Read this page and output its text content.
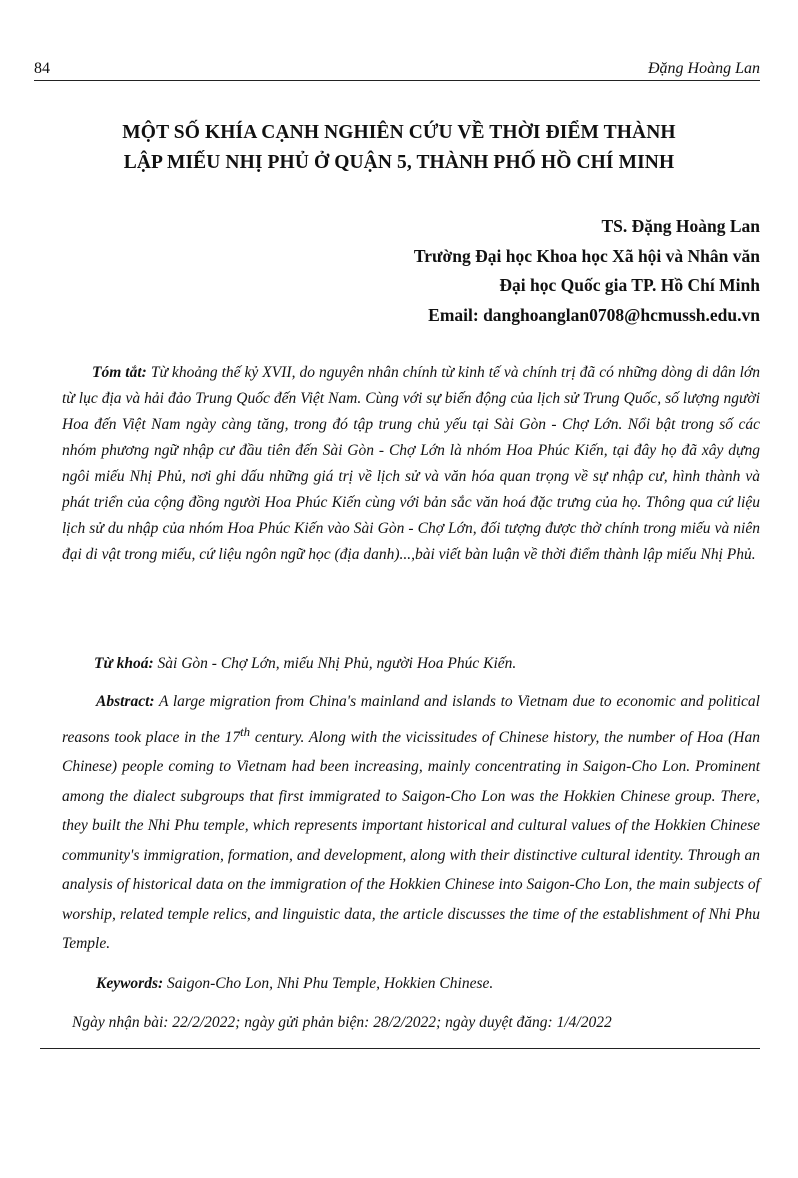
84	Đặng Hoàng Lan
MỘT SỐ KHÍA CẠNH NGHIÊN CỨU VỀ THỜI ĐIỂM THÀNH
LẬP MIẾU NHỊ PHỦ Ở QUẬN 5, THÀNH PHỐ HỒ CHÍ MINH
TS. Đặng Hoàng Lan
Trường Đại học Khoa học Xã hội và Nhân văn
Đại học Quốc gia TP. Hồ Chí Minh
Email: danghoanglan0708@hcmussh.edu.vn

Tóm tắt: Từ khoảng thế kỷ XVII, do nguyên nhân chính từ kinh tế và chính trị đã có những dòng di dân lớn từ lục địa và hải đảo Trung Quốc đến Việt Nam. Cùng với sự biến động của lịch sử Trung Quốc, số lượng người Hoa đến Việt Nam ngày càng tăng, trong đó tập trung chủ yếu tại Sài Gòn - Chợ Lớn. Nổi bật trong số các nhóm phương ngữ nhập cư đầu tiên đến Sài Gòn - Chợ Lớn là nhóm Hoa Phúc Kiến, tại đây họ đã xây dựng ngôi miếu Nhị Phủ, nơi ghi dấu những giá trị về lịch sử và văn hóa quan trọng về sự nhập cư, hình thành và phát triển của cộng đồng người Hoa Phúc Kiến cùng với bản sắc văn hoá đặc trưng của họ. Thông qua cứ liệu lịch sử du nhập của nhóm Hoa Phúc Kiến vào Sài Gòn - Chợ Lớn, đối tượng được thờ chính trong miếu và niên đại di vật trong miếu, cứ liệu ngôn ngữ học (địa danh)...,bài viết bàn luận về thời điểm thành lập miếu Nhị Phủ.

Từ khoá: Sài Gòn - Chợ Lớn, miếu Nhị Phủ, người Hoa Phúc Kiến.

Abstract: A large migration from China's mainland and islands to Vietnam due to economic and political reasons took place in the 17th century. Along with the vicissitudes of Chinese history, the number of Hoa (Han Chinese) people coming to Vietnam had been increasing, mainly concentrating in Saigon-Cho Lon. Prominent among the dialect subgroups that first immigrated to Saigon-Cho Lon was the Hokkien Chinese group. There, they built the Nhi Phu temple, which represents important historical and cultural values of the Hokkien Chinese community's immigration, formation, and development, along with their distinctive cultural identity. Through an analysis of historical data on the immigration of the Hokkien Chinese into Saigon-Cho Lon, the main subjects of worship, related temple relics, and linguistic data, the article discusses the time of the establishment of Nhi Phu Temple.

Keywords: Saigon-Cho Lon, Nhi Phu Temple, Hokkien Chinese.

Ngày nhận bài: 22/2/2022; ngày gửi phản biện: 28/2/2022; ngày duyệt đăng: 1/4/2022
